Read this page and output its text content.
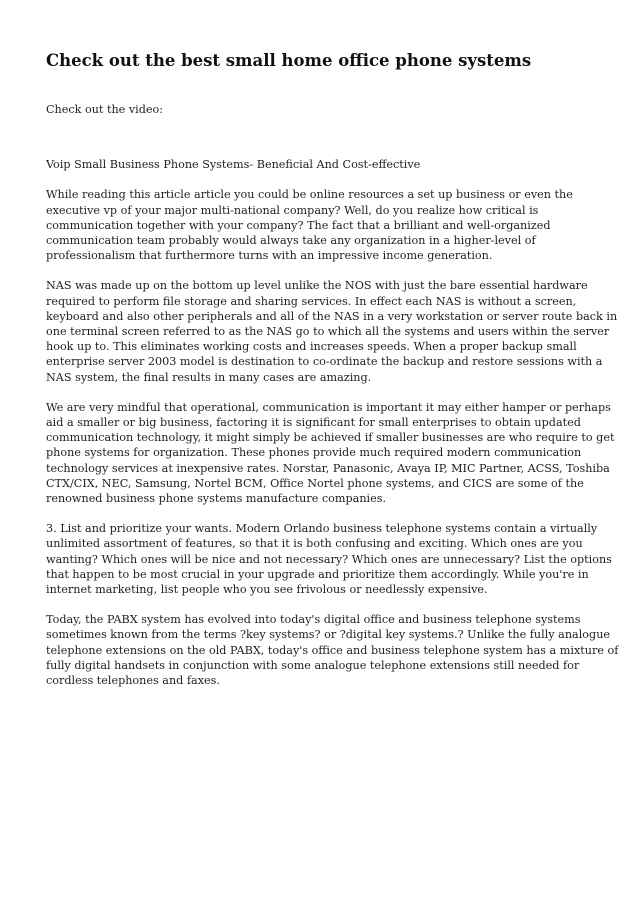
Check out the best small home office phone systems

Check out the video:

Voip Small Business Phone Systems- Beneficial And Cost-effective

While reading this article article you could be online resources a set up business or even the

executive vp of your major multi-national company? Well, do you realize how critical is

communication together with your company? The fact that a brilliant and well-organized

communication team probably would always take any organization in a higher-level of

professionalism that furthermore turns with an impressive income generation.

NAS was made up on the bottom up level unlike the NOS with just the bare essential hardware

required to perform file storage and sharing services. In effect each NAS is without a screen,

keyboard and also other peripherals and all of the NAS in a very workstation or server route back in

one terminal screen referred to as the NAS go to which all the systems and users within the server

hook up to. This eliminates working costs and increases speeds. When a proper backup small

enterprise server 2003 model is destination to co-ordinate the backup and restore sessions with a

NAS system, the final results in many cases are amazing.

We are very mindful that operational, communication is important it may either hamper or perhaps

aid a smaller or big business, factoring it is significant for small enterprises to obtain updated

communication technology, it might simply be achieved if smaller businesses are who require to get

phone systems for organization. These phones provide much required modern communication

technology services at inexpensive rates. Norstar, Panasonic, Avaya IP, MIC Partner, ACSS, Toshiba

CTX/CIX, NEC, Samsung, Nortel BCM, Office Nortel phone systems, and CICS are some of the

renowned business phone systems manufacture companies.

3. List and prioritize your wants. Modern Orlando business telephone systems contain a virtually

unlimited assortment of features, so that it is both confusing and exciting. Which ones are you

wanting? Which ones will be nice and not necessary? Which ones are unnecessary? List the options

that happen to be most crucial in your upgrade and prioritize them accordingly. While you're in

internet marketing, list people who you see frivolous or needlessly expensive.

Today, the PABX system has evolved into today's digital office and business telephone systems

sometimes known from the terms ?key systems? or ?digital key systems.? Unlike the fully analogue

telephone extensions on the old PABX, today's office and business telephone system has a mixture of

fully digital handsets in conjunction with some analogue telephone extensions still needed for

cordless telephones and faxes.
